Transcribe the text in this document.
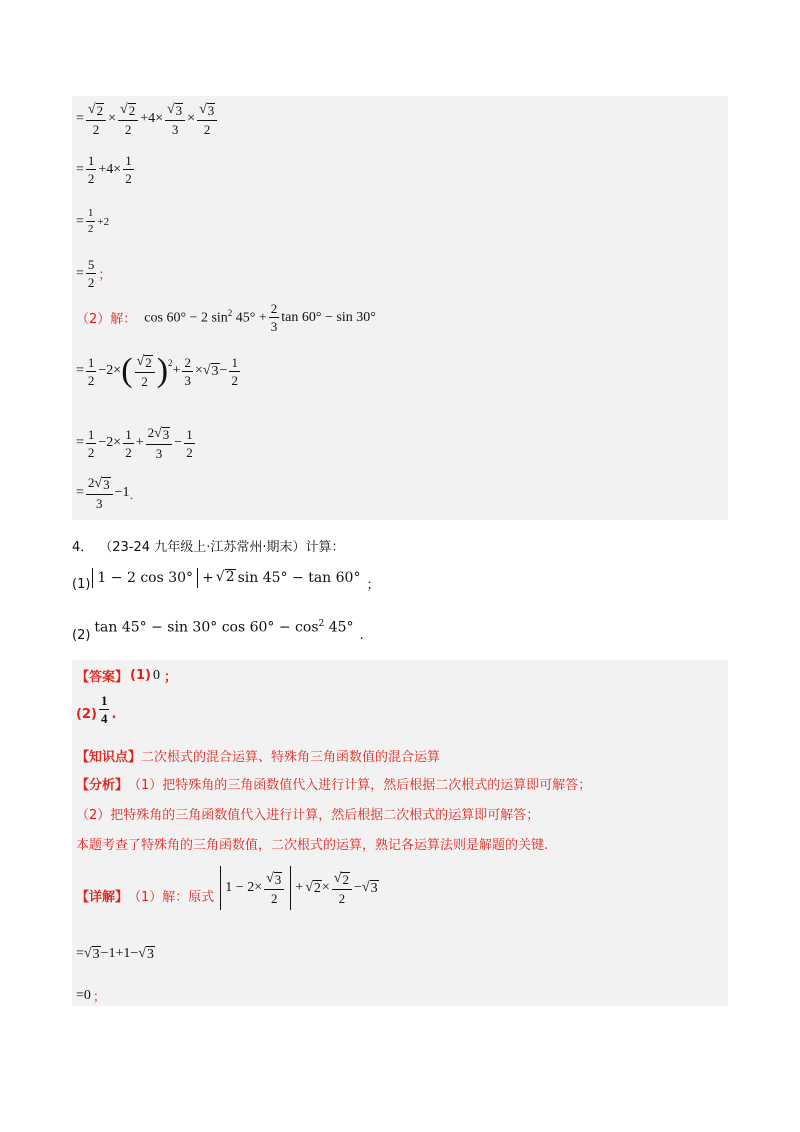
= $\frac{√ 2}{2} \times \frac{√ 2}{2} +4\times \frac{√ 3}{3} \times \frac{√ 3}{2}$
= $\frac{1}{2} +4\times \frac{1}{2}$
= $\frac{1}{2} +2$
= $\frac{5}{2}$ ；
（2）解： cos 60° − 2 $\sin^2 45^\circ + \frac{2}{3}$ tan 60° − sin 30°
= $\frac{1}{2} -2\times$ ( $\frac{√ 2}{2} )^2$
+ $\frac{2}{3}$ × √ $3 - \frac{1}{2}$
= $\frac{1}{2} -2\times \frac{1}{2} + \frac{2 √ 3}{3} - \frac{1}{2}$
= $\frac{2 √ 3}{3} -1$ ．
4． （23-24 九年级上·江苏常州·期末）计算：
(1) 1 − 2 cos 30° + √ 2 sin 45° − tan 60° ；
(2) tan 45° − sin 30° $\cos 60^\circ - \cos^2 45^\circ$ .
【答案】 (1) 0 ；
$(2) \frac{1}{4}$ .
【知识点】 二次根式的混合运算、特殊角三角函数值的混合运算
【分析】 （1） 把特殊角的三角函数值代入进行计算，然后根据二次根式的运算即可解答；
（2） 把特殊角的三角函数值代入进行计算，然后根据二次根式的运算即可解答；
本题考查了特殊角的三角函数值，二次根式的运算，熟记各运算法则是解题的关键.
【详解】 （1）解：原式
$1 - 2\times \frac{√ 3}{2}$ + √ $2 \times \frac{√ 2}{2}$ − √ 3
= √ 3 −1+1− √ 3
=0 ；
